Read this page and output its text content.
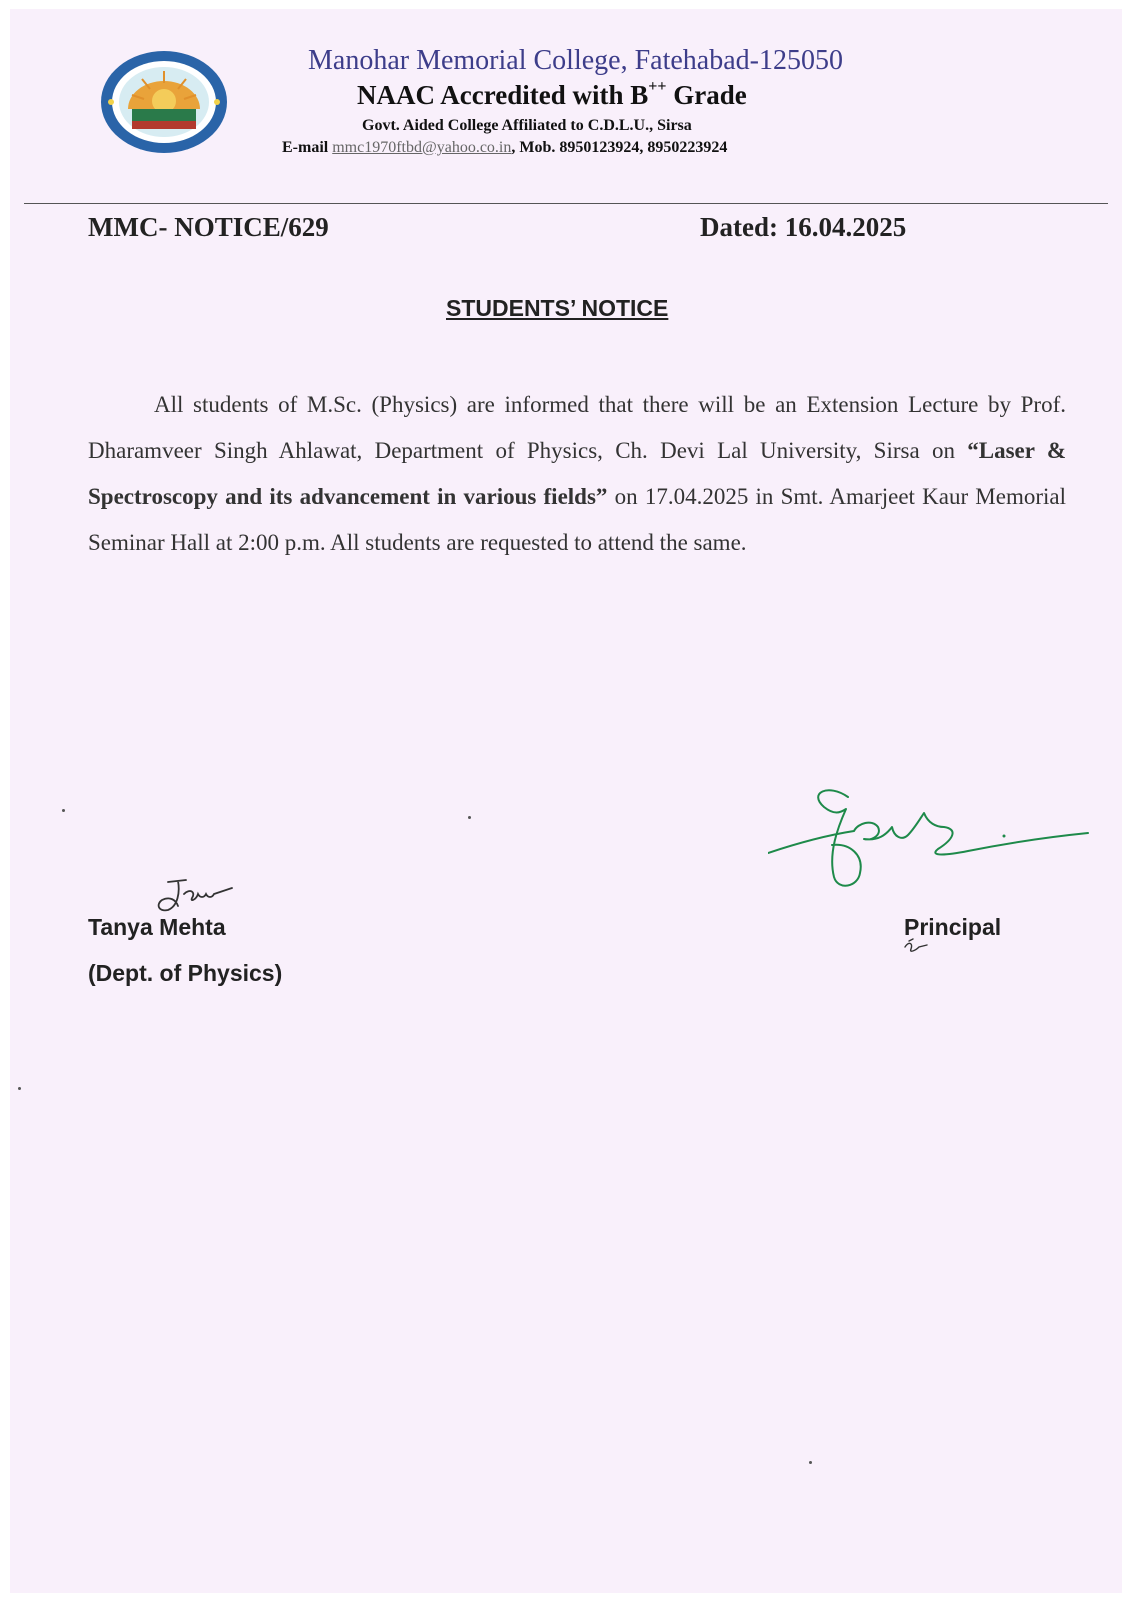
Manohar Memorial College, Fatehabad-125050
NAAC Accredited with B++ Grade
Govt. Aided College Affiliated to C.D.L.U., Sirsa
E-mail mmc1970ftbd@yahoo.co.in, Mob. 8950123924, 8950223924
MMC- NOTICE/629	Dated: 16.04.2025
STUDENTS’ NOTICE

All students of M.Sc. (Physics) are informed that there will be an Extension Lecture by Prof. Dharamveer Singh Ahlawat, Department of Physics, Ch. Devi Lal University, Sirsa on “Laser & Spectroscopy and its advancement in various fields” on 17.04.2025 in Smt. Amarjeet Kaur Memorial Seminar Hall at 2:00 p.m. All students are requested to attend the same.

Tanya Mehta
(Dept. of Physics)
Principal
